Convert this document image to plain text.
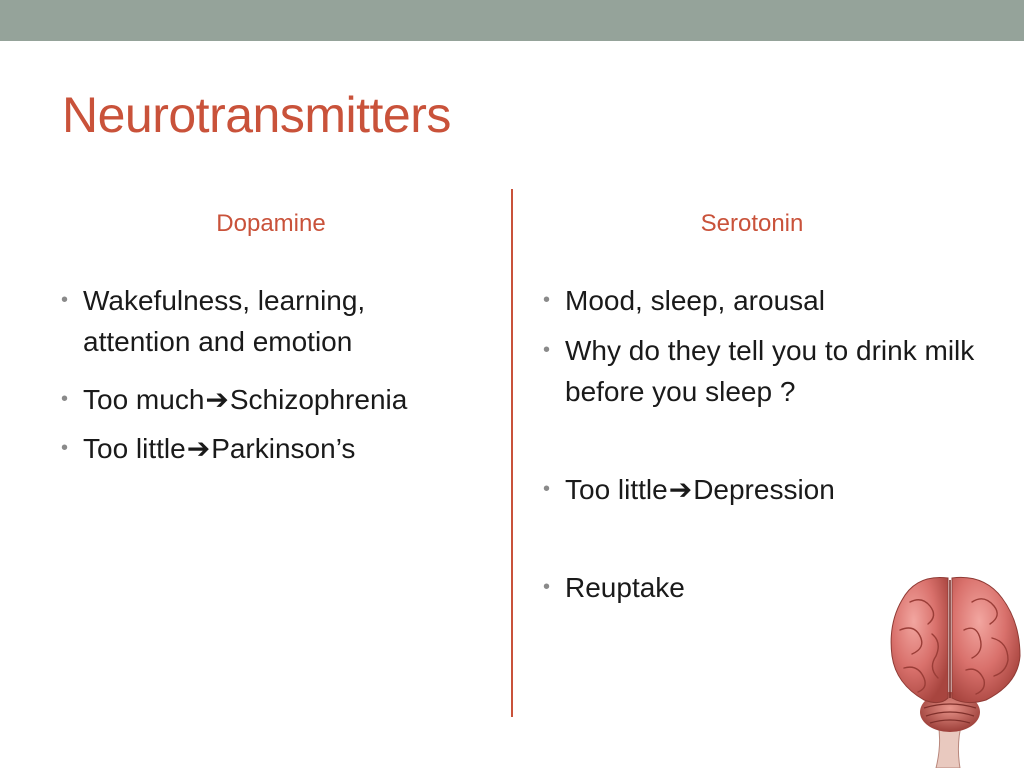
Neurotransmitters
Dopamine	Serotonin
• Wakefulness, learning, attention and emotion
• Too much➔Schizophrenia
• Too little➔Parkinson’s
• Mood, sleep, arousal
• Why do they tell you to drink milk before you sleep ?
• Too little➔Depression
• Reuptake
